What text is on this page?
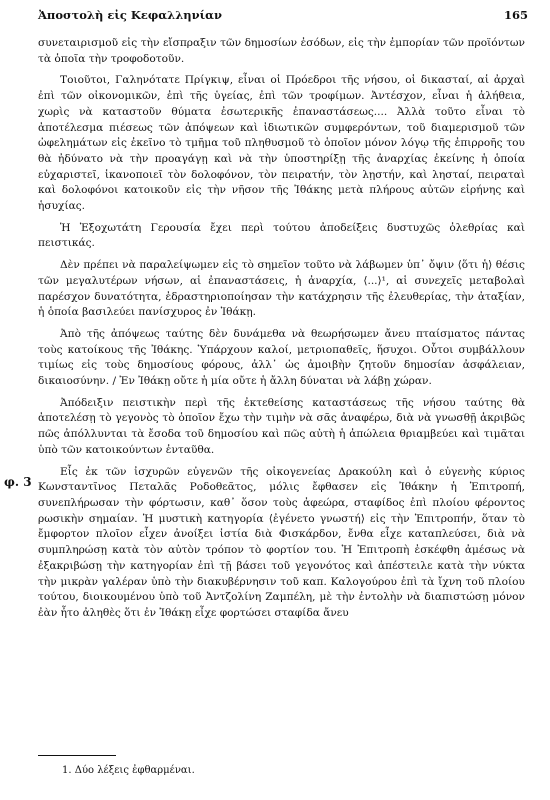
Ἀποστολὴ εἰς Κεφαλληνίαν	165
φ. 3

συνεταιρισμοῦ εἰς τὴν εἴσπραξιν τῶν δημοσίων ἐσόδων, εἰς τὴν ἐμπορίαν τῶν προϊόντων τὰ ὁποῖα τὴν τροφοδοτοῦν.

Τοιοῦτοι, Γαληνότατε Πρίγκιψ, εἶναι οἱ Πρόεδροι τῆς νήσου, οἱ δικασταί, αἱ ἀρχαὶ ἐπὶ τῶν οἰκονομικῶν, ἐπὶ τῆς ὑγείας, ἐπὶ τῶν τροφίμων. Ἀντέσχον, εἶναι ἡ ἀλήθεια, χωρὶς νὰ καταστοῦν θύματα ἐσωτερικῆς ἐπαναστάσεως.... Ἀλλὰ τοῦτο εἶναι τὸ ἀποτέλεσμα πιέσεως τῶν ἀπόψεων καὶ ἰδιωτικῶν συμφερόντων, τοῦ διαμερισμοῦ τῶν ὠφελημάτων εἰς ἐκεῖνο τὸ τμῆμα τοῦ πληθυσμοῦ τὸ ὁποῖον μόνον λόγῳ τῆς ἐπιρροῆς του θὰ ἠδύνατο νὰ τὴν προαγάγῃ καὶ νὰ τὴν ὑποστηρίξῃ τῆς ἀναρχίας ἐκείνης ἡ ὁποία εὐχαριστεῖ, ἱκανοποιεῖ τὸν δολοφόνον, τὸν πειρατήν, τὸν λῃστήν, καὶ λησταί, πειραταὶ καὶ δολοφόνοι κατοικοῦν εἰς τὴν νῆσον τῆς Ἰθάκης μετὰ πλήρους αὐτῶν εἰρήνης καὶ ἡσυχίας.

Ἡ Ἐξοχωτάτη Γερουσία ἔχει περὶ τούτου ἀποδείξεις δυστυχῶς ὀλεθρίας καὶ πειστικάς.

Δὲν πρέπει νὰ παραλείψωμεν εἰς τὸ σημεῖον τοῦτο νὰ λάβωμεν ὑπ᾽ ὄψιν ⟨ὅτι ἡ⟩ θέσις τῶν μεγαλυτέρων νήσων, αἱ ἐπαναστάσεις, ἡ ἀναρχία, ⟨...⟩¹, αἱ συνεχεῖς μεταβολαὶ παρέσχον δυνατότητα, ἐδραστηριοποίησαν τὴν κατάχρησιν τῆς ἐλευθερίας, τὴν ἀταξίαν, ἡ ὁποία βασιλεύει πανίσχυρος ἐν Ἰθάκῃ.

Ἀπὸ τῆς ἀπόψεως ταύτης δὲν δυνάμεθα νὰ θεωρήσωμεν ἄνευ πταίσματος πάντας τοὺς κατοίκους τῆς Ἰθάκης. Ὑπάρχουν καλοί, μετριοπαθεῖς, ἥσυχοι. Οὗτοι συμβάλλουν τιμίως εἰς τοὺς δημοσίους φόρους, ἀλλ᾽ ὡς ἀμοιβὴν ζητοῦν δημοσίαν ἀσφάλειαν, δικαιοσύνην. / Ἐν Ἰθάκῃ οὔτε ἡ μία οὔτε ἡ ἄλλη δύναται νὰ λάβῃ χώραν.

Ἀπόδειξιν πειστικὴν περὶ τῆς ἐκτεθείσης καταστάσεως τῆς νήσου ταύτης θὰ ἀποτελέσῃ τὸ γεγονὸς τὸ ὁποῖον ἔχω τὴν τιμὴν νὰ σᾶς ἀναφέρω, διὰ νὰ γνωσθῇ ἀκριβῶς πῶς ἀπόλλυνται τὰ ἔσοδα τοῦ δημοσίου καὶ πῶς αὐτὴ ἡ ἀπώλεια θριαμβεύει καὶ τιμᾶται ὑπὸ τῶν κατοικούντων ἐνταῦθα.

Εἷς ἐκ τῶν ἰσχυρῶν εὐγενῶν τῆς οἰκογενείας Δρακούλη καὶ ὁ εὐγενὴς κύριος Κωνσταντῖνος Πεταλᾶς Ροδοθεᾶτος, μόλις ἔφθασεν εἰς Ἰθάκην ἡ Ἐπιτροπή, συνεπλήρωσαν τὴν φόρτωσιν, καθ᾽ ὅσον τοὺς ἀφεώρα, σταφίδος ἐπὶ πλοίου φέροντος ρωσικὴν σημαίαν. Ἡ μυστικὴ κατηγορία ⟨ἐγένετο γνωστή⟩ εἰς τὴν Ἐπιτροπήν, ὅταν τὸ ἔμφορτον πλοῖον εἶχεν ἀνοίξει ἱστία διὰ Φισκάρδον, ἔνθα εἶχε καταπλεύσει, διὰ νὰ συμπληρώσῃ κατὰ τὸν αὐτὸν τρόπον τὸ φορτίον του. Ἡ Ἐπιτροπὴ ἐσκέφθη ἀμέσως νὰ ἐξακριβώσῃ τὴν κατηγορίαν ἐπὶ τῇ βάσει τοῦ γεγονότος καὶ ἀπέστειλε κατὰ τὴν νύκτα τὴν μικρὰν γαλέραν ὑπὸ τὴν διακυβέρνησιν τοῦ καπ. Καλογούρου ἐπὶ τὰ ἴχνη τοῦ πλοίου τούτου, διοικουμένου ὑπὸ τοῦ Ἀντζολίνη Ζαμπέλη, μὲ τὴν ἐντολὴν νὰ διαπιστώσῃ μόνον ἐὰν ἦτο ἀληθὲς ὅτι ἐν Ἰθάκῃ εἶχε φορτώσει σταφίδα ἄνευ

1. Δύο λέξεις ἐφθαρμέναι.
